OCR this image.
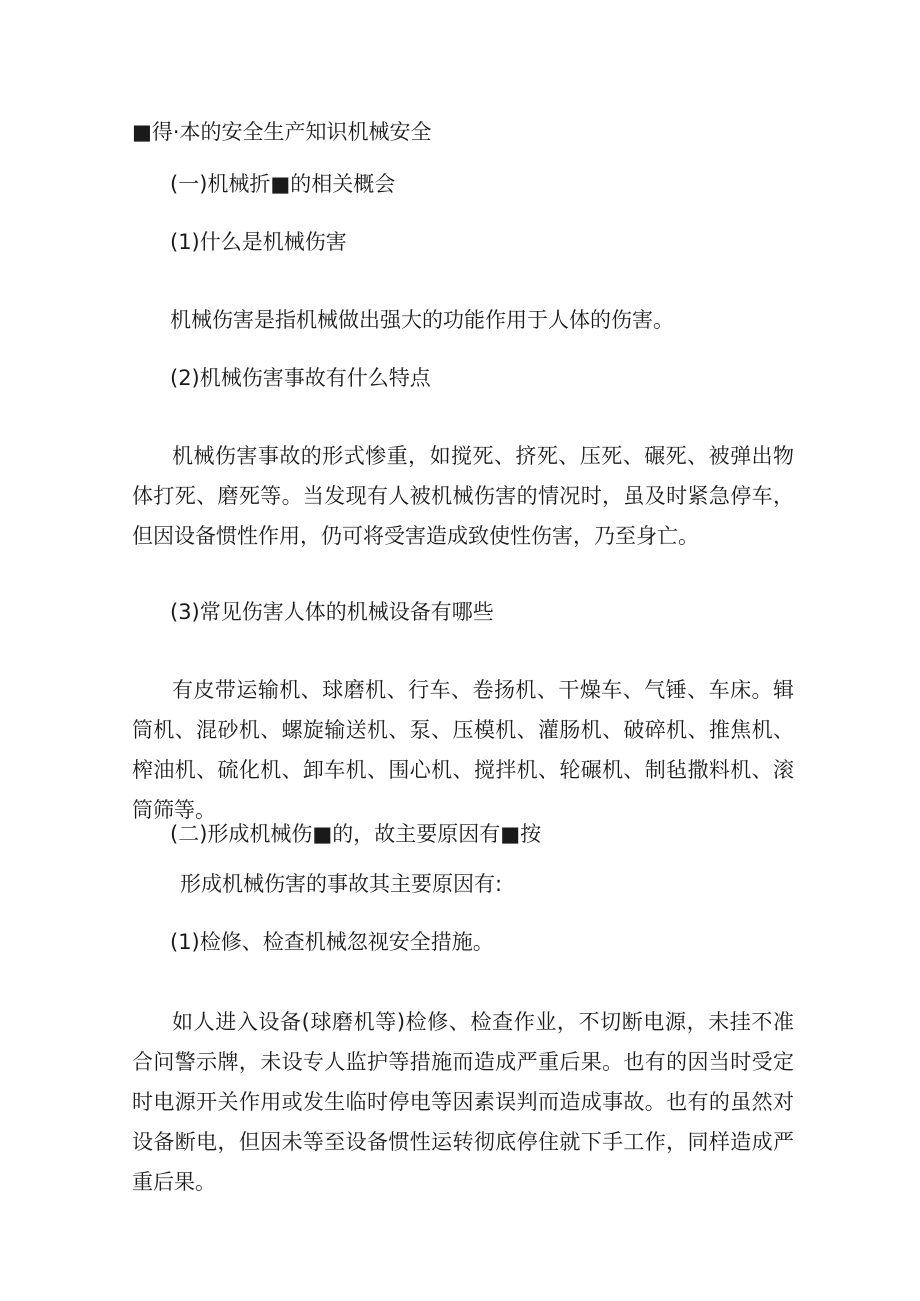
■得·本的安全生产知识机械安全
(一)机械折■的相关概会
(1)什么是机械伤害
机械伤害是指机械做出强大的功能作用于人体的伤害。
(2)机械伤害事故有什么特点

机械伤害事故的形式惨重，如搅死、挤死、压死、碾死、被弹出物体打死、磨死等。当发现有人被机械伤害的情况时，虽及时紧急停车，但因设备惯性作用，仍可将受害造成致使性伤害，乃至身亡。

(3)常见伤害人体的机械设备有哪些

有皮带运输机、球磨机、行车、卷扬机、干燥车、气锤、车床。辑筒机、混砂机、螺旋输送机、泵、压模机、灌肠机、破碎机、推焦机、榨油机、硫化机、卸车机、围心机、搅拌机、轮碾机、制毡撒料机、滚筒筛等。

(二)形成机械伤■的，故主要原因有■按
形成机械伤害的事故其主要原因有:
(1)检修、检查机械忽视安全措施。

如人进入设备(球磨机等)检修、检查作业，不切断电源，未挂不准合问警示牌，未设专人监护等措施而造成严重后果。也有的因当时受定时电源开关作用或发生临时停电等因素误判而造成事故。也有的虽然对设备断电，但因未等至设备惯性运转彻底停住就下手工作，同样造成严重后果。
